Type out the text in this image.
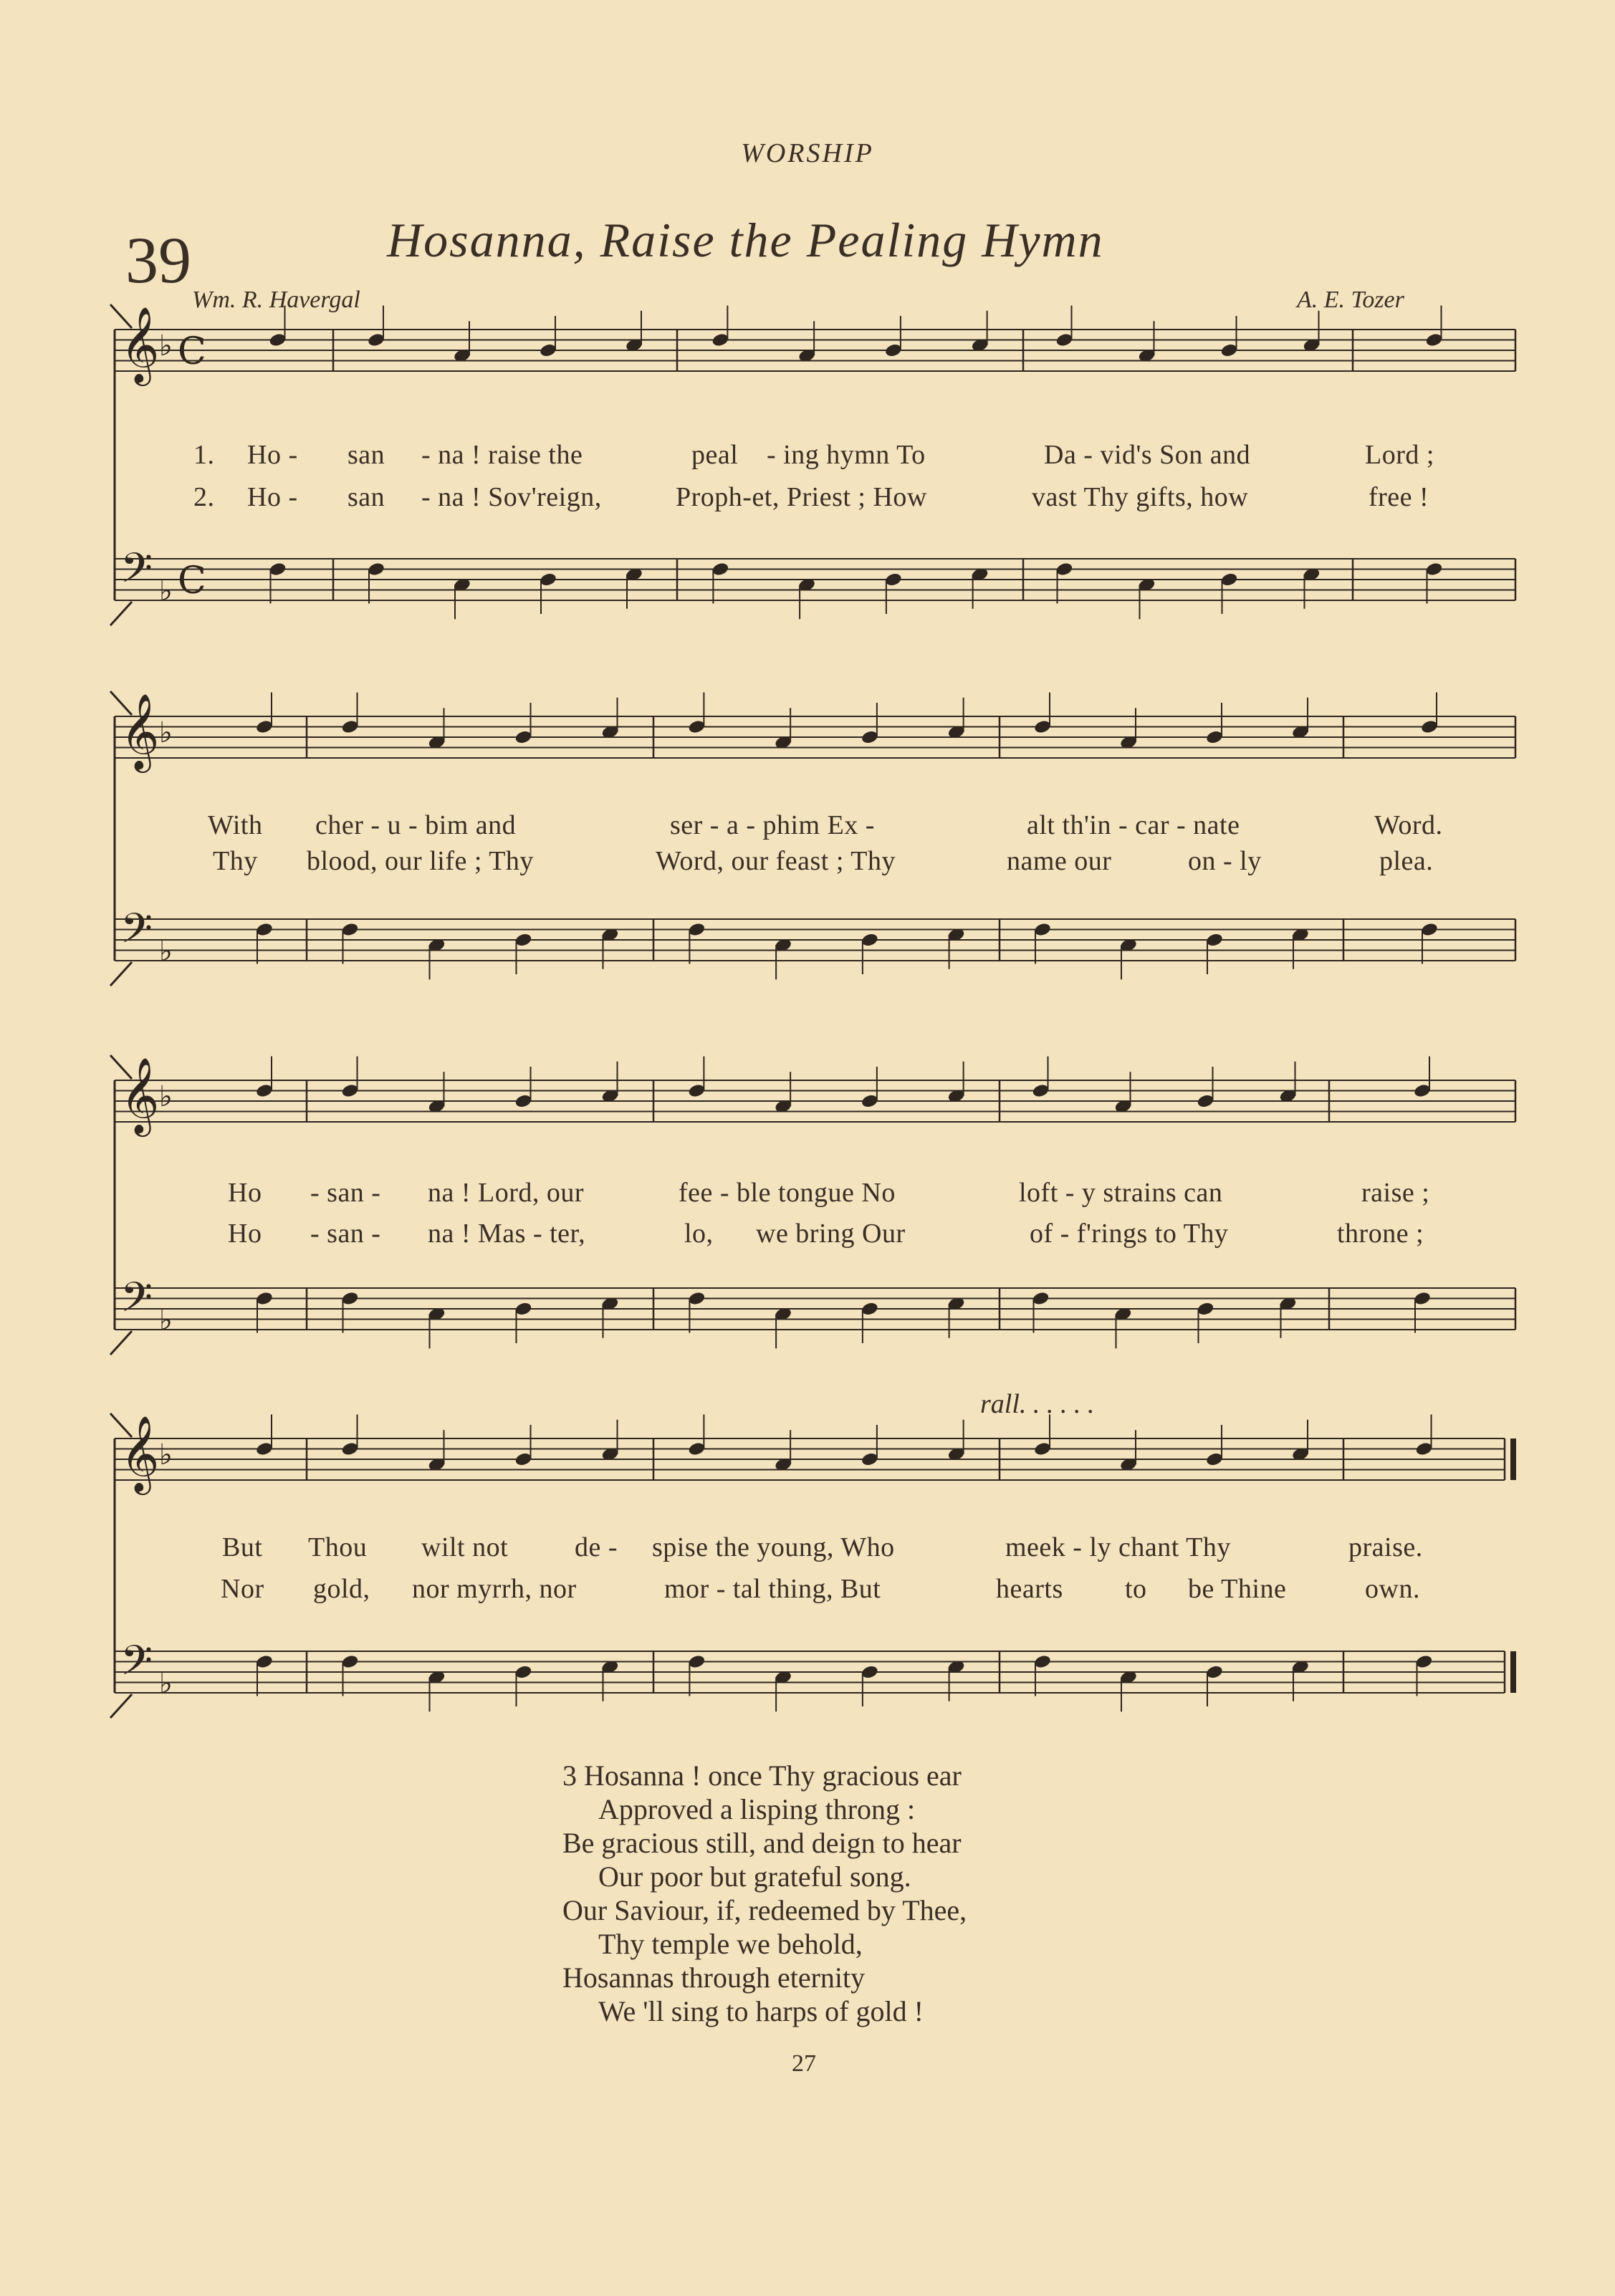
WORSHIP
39	Hosanna, Raise the Pealing Hymn
Wm. R. Havergal	A. E. Tozer
𝄞
𝄢
♭
♭
C
C
𝄞
𝄢
♭
♭
𝄞
𝄢
♭
♭
𝄞
𝄢
♭
♭
1. Ho - san - na ! raise the	peal - ing hymn To	Da - vid's Son and	Lord ;
2. Ho - san - na ! Sov'reign,	Proph-et, Priest ; How	vast Thy gifts, how	free !
With cher - u - bim and	ser - a - phim Ex -	alt th'in - car - nate	Word.
Thy blood, our life ; Thy	Word, our feast ; Thy	name our	on - ly	plea.
Ho - san - na ! Lord, our	fee - ble tongue No	loft - y strains can	raise ;
Ho - san - na ! Mas - ter,	lo, we bring Our	of - f'rings to Thy	throne ;
But Thou wilt not de - spise the young, Who	meek - ly chant Thy	praise.
Nor gold, nor myrrh, nor	mor - tal thing, But	hearts to be Thine	own.
rall. . . . . .
3 Hosanna ! once Thy gracious ear
Approved a lisping throng :
Be gracious still, and deign to hear
Our poor but grateful song.
Our Saviour, if, redeemed by Thee,
Thy temple we behold,
Hosannas through eternity
We 'll sing to harps of gold !
27
